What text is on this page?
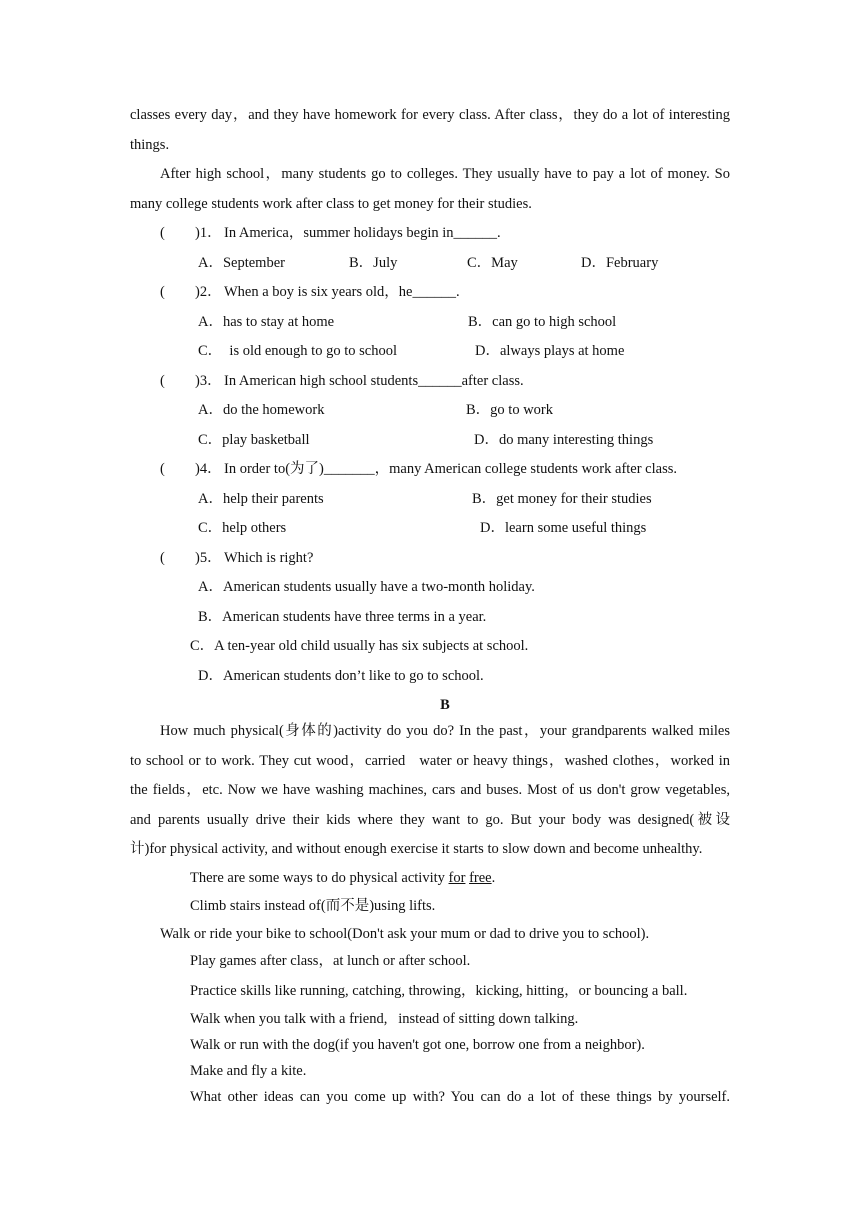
classes every day，and they have homework for every class. After class，they do a lot of interesting
things.
After high school，many students go to colleges. They usually have to pay a lot of money. So
many college students work after class to get money for their studies.
( )1． In America，summer holidays begin in______.
A．September	B．July	C．May	D．February
( )2． When a boy is six years old，he______.
A．has to stay at home	B．can go to high school
C．  is old enough to go to school	D．always plays at home
( )3． In American high school students______after class.
A．do the homework	B．go to work
C．play basketball	D．do many interesting things
( )4． In order to(为了)_______，many American college students work after class.
A．help their parents	B．get money for their studies
C．help others	D．learn some useful things
( )5． Which is right?
A．American students usually have a two-month holiday.
B．American students have three terms in a year.
C．A ten-year old child usually has six subjects at school.
D．American students don’t like to go to school.
B
How much physical(身体的)activity do you do? In the past，your grandparents walked miles
to school or to work. They cut wood，carried   water or heavy things，washed clothes，worked in
the fields，etc. Now we have washing machines, cars and buses. Most of us don't grow vegetables,
and parents usually drive their kids where they want to go. But your body was designed(被设
计)for physical activity, and without enough exercise it starts to slow down and become unhealthy.
There are some ways to do physical activity for free.
Climb stairs instead of(而不是)using lifts.
Walk or ride your bike to school(Don't ask your mum or dad to drive you to school).
Play games after class，at lunch or after school.
Practice skills like running, catching, throwing，kicking, hitting，or bouncing a ball.
Walk when you talk with a friend,   instead of sitting down talking.
Walk or run with the dog(if you haven't got one, borrow one from a neighbor).
Make and fly a kite.
What other ideas can you come up with? You can do a lot of these things by yourself.
